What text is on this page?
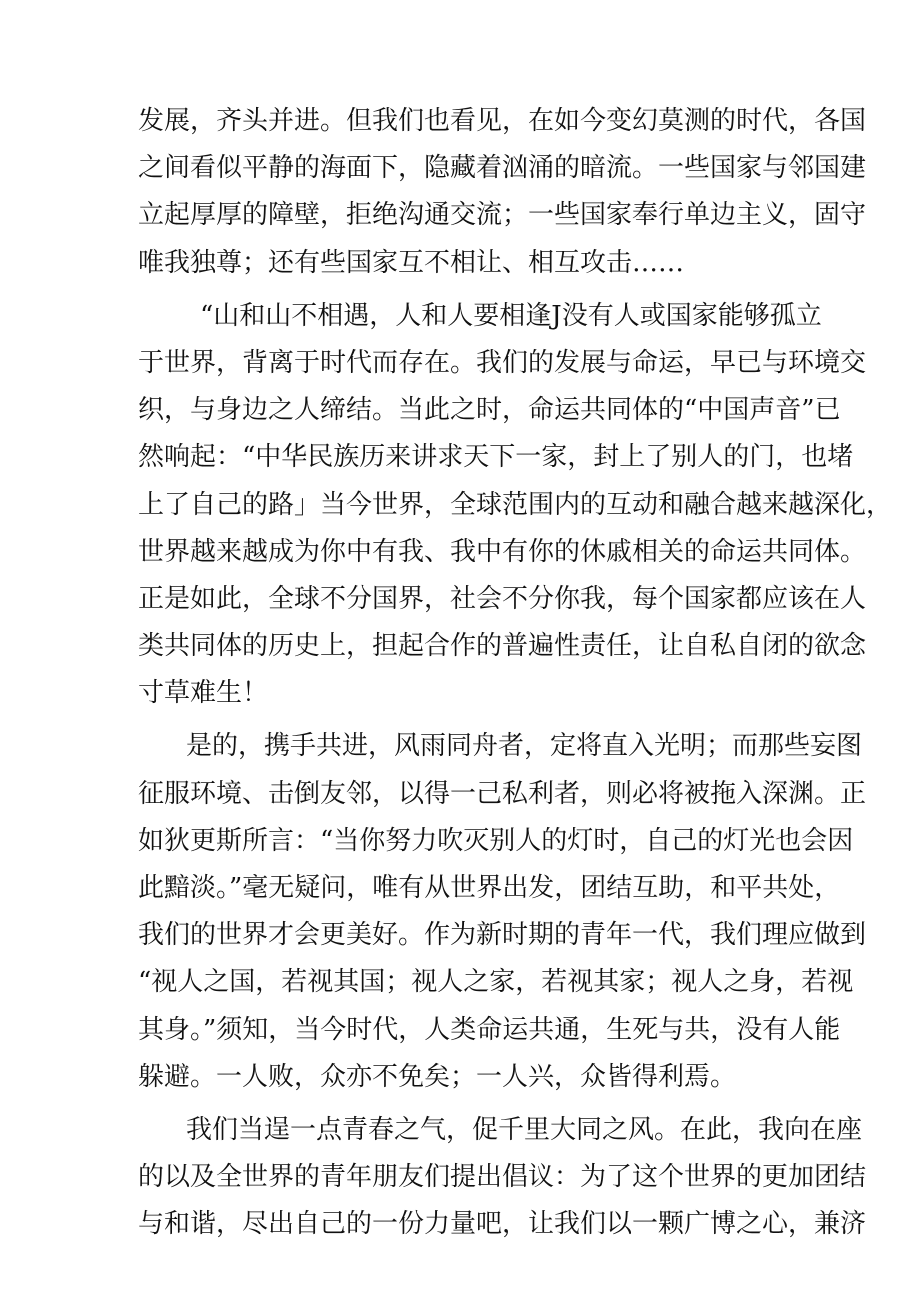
发展，齐头并进。但我们也看见，在如今变幻莫测的时代，各国
之间看似平静的海面下，隐藏着汹涌的暗流。一些国家与邻国建
立起厚厚的障壁，拒绝沟通交流；一些国家奉行单边主义，固守
唯我独尊；还有些国家互不相让、相互攻击……
“山和山不相遇，人和人要相逢J没有人或国家能够孤立
于世界，背离于时代而存在。我们的发展与命运，早已与环境交
织，与身边之人缔结。当此之时，命运共同体的“中国声音”已
然响起：“中华民族历来讲求天下一家，封上了别人的门，也堵
上了自己的路」当今世界，全球范围内的互动和融合越来越深化，
世界越来越成为你中有我、我中有你的休戚相关的命运共同体。
正是如此，全球不分国界，社会不分你我，每个国家都应该在人
类共同体的历史上，担起合作的普遍性责任，让自私自闭的欲念
寸草难生！
是的，携手共进，风雨同舟者，定将直入光明；而那些妄图
征服环境、击倒友邻，以得一己私利者，则必将被拖入深渊。正
如狄更斯所言：“当你努力吹灭别人的灯时，自己的灯光也会因
此黯淡。”毫无疑问，唯有从世界出发，团结互助，和平共处，
我们的世界才会更美好。作为新时期的青年一代，我们理应做到
“视人之国，若视其国；视人之家，若视其家；视人之身，若视
其身。”须知，当今时代，人类命运共通，生死与共，没有人能
躲避。一人败，众亦不免矣；一人兴，众皆得利焉。
我们当逞一点青春之气，促千里大同之风。在此，我向在座
的以及全世界的青年朋友们提出倡议：为了这个世界的更加团结
与和谐，尽出自己的一份力量吧，让我们以一颗广博之心，兼济
